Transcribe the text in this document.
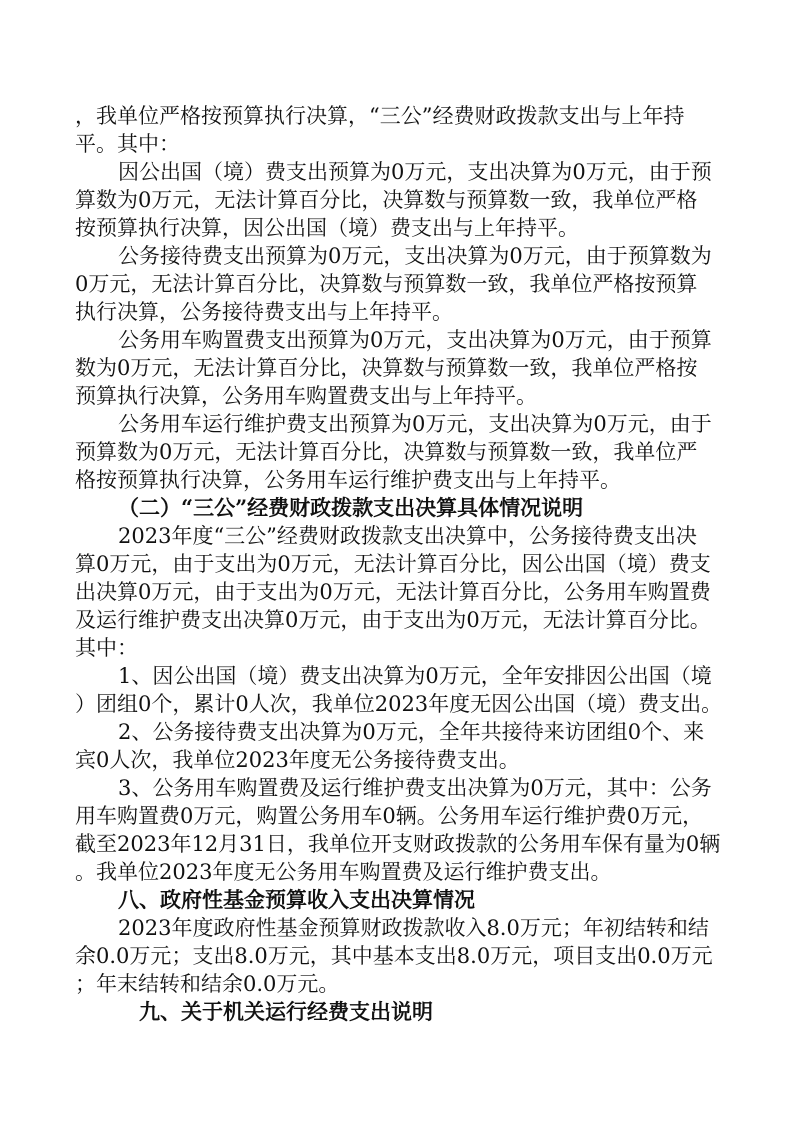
，我单位严格按预算执行决算，“三公”经费财政拨款支出与上年持
平。其中：
因公出国（境）费支出预算为0万元，支出决算为0万元，由于预
算数为0万元，无法计算百分比，决算数与预算数一致，我单位严格
按预算执行决算，因公出国（境）费支出与上年持平。
公务接待费支出预算为0万元，支出决算为0万元，由于预算数为
0万元，无法计算百分比，决算数与预算数一致，我单位严格按预算
执行决算，公务接待费支出与上年持平。
公务用车购置费支出预算为0万元，支出决算为0万元，由于预算
数为0万元，无法计算百分比，决算数与预算数一致，我单位严格按
预算执行决算，公务用车购置费支出与上年持平。
公务用车运行维护费支出预算为0万元，支出决算为0万元，由于
预算数为0万元，无法计算百分比，决算数与预算数一致，我单位严
格按预算执行决算，公务用车运行维护费支出与上年持平。
（二）“三公”经费财政拨款支出决算具体情况说明
2023年度“三公”经费财政拨款支出决算中，公务接待费支出决
算0万元，由于支出为0万元，无法计算百分比，因公出国（境）费支
出决算0万元，由于支出为0万元，无法计算百分比，公务用车购置费
及运行维护费支出决算0万元，由于支出为0万元，无法计算百分比。
其中：
1、因公出国（境）费支出决算为0万元，全年安排因公出国（境
）团组0个，累计0人次，我单位2023年度无因公出国（境）费支出。
2、公务接待费支出决算为0万元，全年共接待来访团组0个、来
宾0人次，我单位2023年度无公务接待费支出。
3、公务用车购置费及运行维护费支出决算为0万元，其中：公务
用车购置费0万元，购置公务用车0辆。公务用车运行维护费0万元，
截至2023年12月31日，我单位开支财政拨款的公务用车保有量为0辆
。我单位2023年度无公务用车购置费及运行维护费支出。
八、政府性基金预算收入支出决算情况
2023年度政府性基金预算财政拨款收入8.0万元；年初结转和结
余0.0万元；支出8.0万元，其中基本支出8.0万元，项目支出0.0万元
；年末结转和结余0.0万元。
九、关于机关运行经费支出说明
